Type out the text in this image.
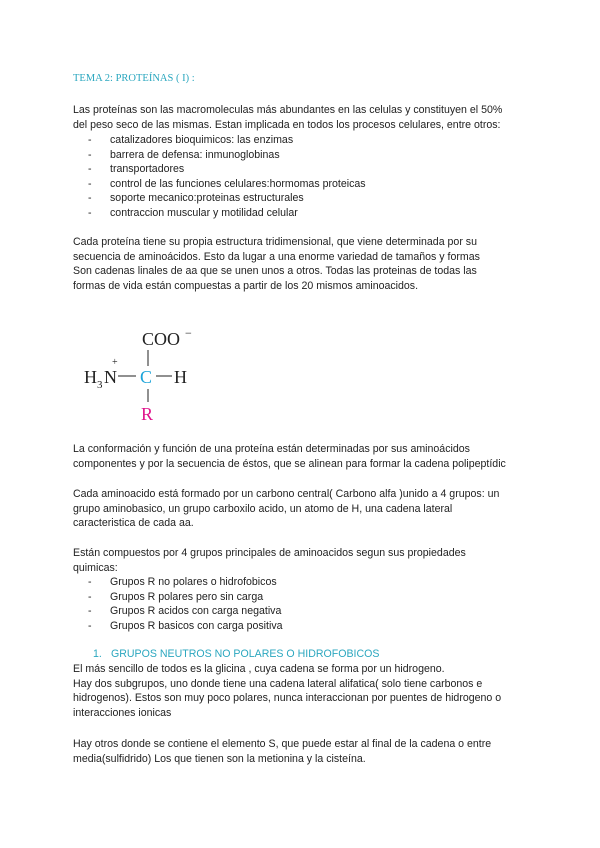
TEMA 2: PROTEÍNAS ( I) :
Las proteínas son las macromoleculas más abundantes en las celulas y constituyen el 50%
del peso seco de las mismas. Estan implicada en todos los procesos celulares, entre otros:
- catalizadores bioquimicos: las enzimas
- barrera de defensa: inmunoglobinas
- transportadores
- control de las funciones celulares:hormomas proteicas
- soporte mecanico:proteinas estructurales
- contraccion muscular y motilidad celular
Cada proteína tiene su propia estructura tridimensional, que viene determinada por su
secuencia de aminoácidos. Esto da lugar a una enorme variedad de tamaños y formas
Son cadenas linales de aa que se unen unos a otros. Todas las proteinas de todas las
formas de vida están compuestas a partir de los 20 mismos aminoacidos.
COO −
H 3 N
+
C H
R
La conformación y función de una proteína están determinadas por sus aminoácidos
componentes y por la secuencia de éstos, que se alinean para formar la cadena polipeptídic
Cada aminoacido está formado por un carbono central( Carbono alfa )unido a 4 grupos: un
grupo aminobasico, un grupo carboxilo acido, un atomo de H, una cadena lateral
caracteristica de cada aa.
Están compuestos por 4 grupos principales de aminoacidos segun sus propiedades
quimicas:
- Grupos R no polares o hidrofobicos
- Grupos R polares pero sin carga
- Grupos R acidos con carga negativa
- Grupos R basicos con carga positiva
1. GRUPOS NEUTROS NO POLARES O HIDROFOBICOS
El más sencillo de todos es la glicina , cuya cadena se forma por un hidrogeno.
Hay dos subgrupos, uno donde tiene una cadena lateral alifatica( solo tiene carbonos e
hidrogenos). Estos son muy poco polares, nunca interaccionan por puentes de hidrogeno o
interacciones ionicas
Hay otros donde se contiene el elemento S, que puede estar al final de la cadena o entre
media(sulfidrido) Los que tienen son la metionina y la cisteína.
